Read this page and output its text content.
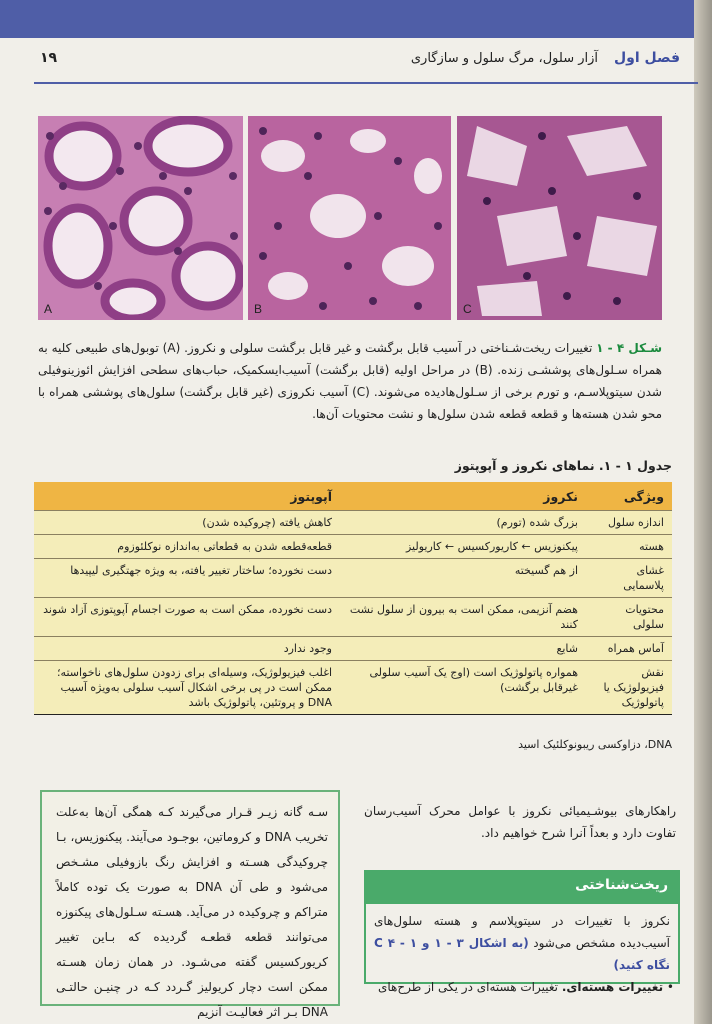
فصل اول
آزار سلول، مرگ سلول و سازگاری
۱۹
A	B	C

شـکل ۴ - ۱ تغییرات ریخت‌شـناختی در آسیب قابل برگشت و غیر قابل برگشت سلولی و نکروز. (A) توبول‌های طبیعی کلیه به همراه سـلول‌های پوششـی زنده. (B) در مراحل اولیه (قابل برگشت) آسیب‌ایسکمیک، حباب‌های سطحی افزایش ائوزینوفیلی شدن سیتوپلاسـم، و تورم برخی از سـلول‌هادیده می‌شوند. (C) آسیب نکروزی (غیر قابل برگشت) سلول‌های پوششی همراه با محو شدن هسته‌ها و قطعه قطعه شدن سلول‌ها و نشت محتویات آن‌ها.

جدول ۱ - ۱. نماهای نکروز و آپوپتوز
ویژگی	نکروز	آپوپتوز
اندازه سلول	بزرگ شده (تورم)	کاهش یافته (چروکیده شدن)
هسته	پیکنوزیس ← کاریورکسیس ← کاریولیز	قطعه‌قطعه شدن به قطعاتی به‌اندازه نوکلئوزوم
غشای پلاسمایی	از هم گسیخته	دست نخورده؛ ساختار تغییر یافته، به ویژه جهتگیری لیپیدها
محتویات سلولی	هضم آنزیمی، ممکن است به بیرون از سلول نشت کنند	دست نخورده، ممکن است به صورت اجسام آپوپتوزی آزاد شوند
آماس همراه	شایع	وجود ندارد
نقش فیزیولوژیک یا پاتولوژیک	همواره پاتولوژیک است (اوج یک آسیب سلولی غیرقابل برگشت)	اغلب فیزیولوژیک، وسیله‌ای برای زدودن سلول‌های ناخواسته؛ ممکن است در پی برخی اشکال آسیب سلولی به‌ویژه آسیب DNA و پروتئین، پاتولوژیک باشد
DNA، دزاوکسی ریبونوکلئیک اسید
سـه گانه زیـر قـرار می‌گیرند کـه همگی آن‌ها به‌علت تخریب DNA و کروماتین، بوجـود می‌آیند. پیکنوزیس، بـا چروکیدگی هسـته و افزایش رنگ بازوفیلی مشـخص می‌شود و طی آن DNA به صورت یک توده کاملاً متراکم و چروکیده در می‌آید. هسـته سـلول‌های پیکنوزه می‌توانند قطعه قطعـه گردیده که بـاین تغییر کریورکسیس گفته می‌شـود. در همان زمان هسـته ممکن است دچار کریولیز گـردد کـه در چنیـن حالتـی DNA بـر اثر فعالیـت آنزیم
راهکارهای بیوشـیمیائی نکروز با عوامل محرک آسیب‌رسان تفاوت دارد و بعداً آنرا شرح خواهیم داد.
ریخت‌شناختی
نکروز با تغییرات در سیتوپلاسم و هسته سلول‌های آسیب‌دیده مشخص می‌شود (به اشکال ۳ - ۱ و C ۴ - ۱ نگاه کنید)
• تغییرات هسته‌ای. تغییرات هسته‌ای در یکی از طرح‌های
